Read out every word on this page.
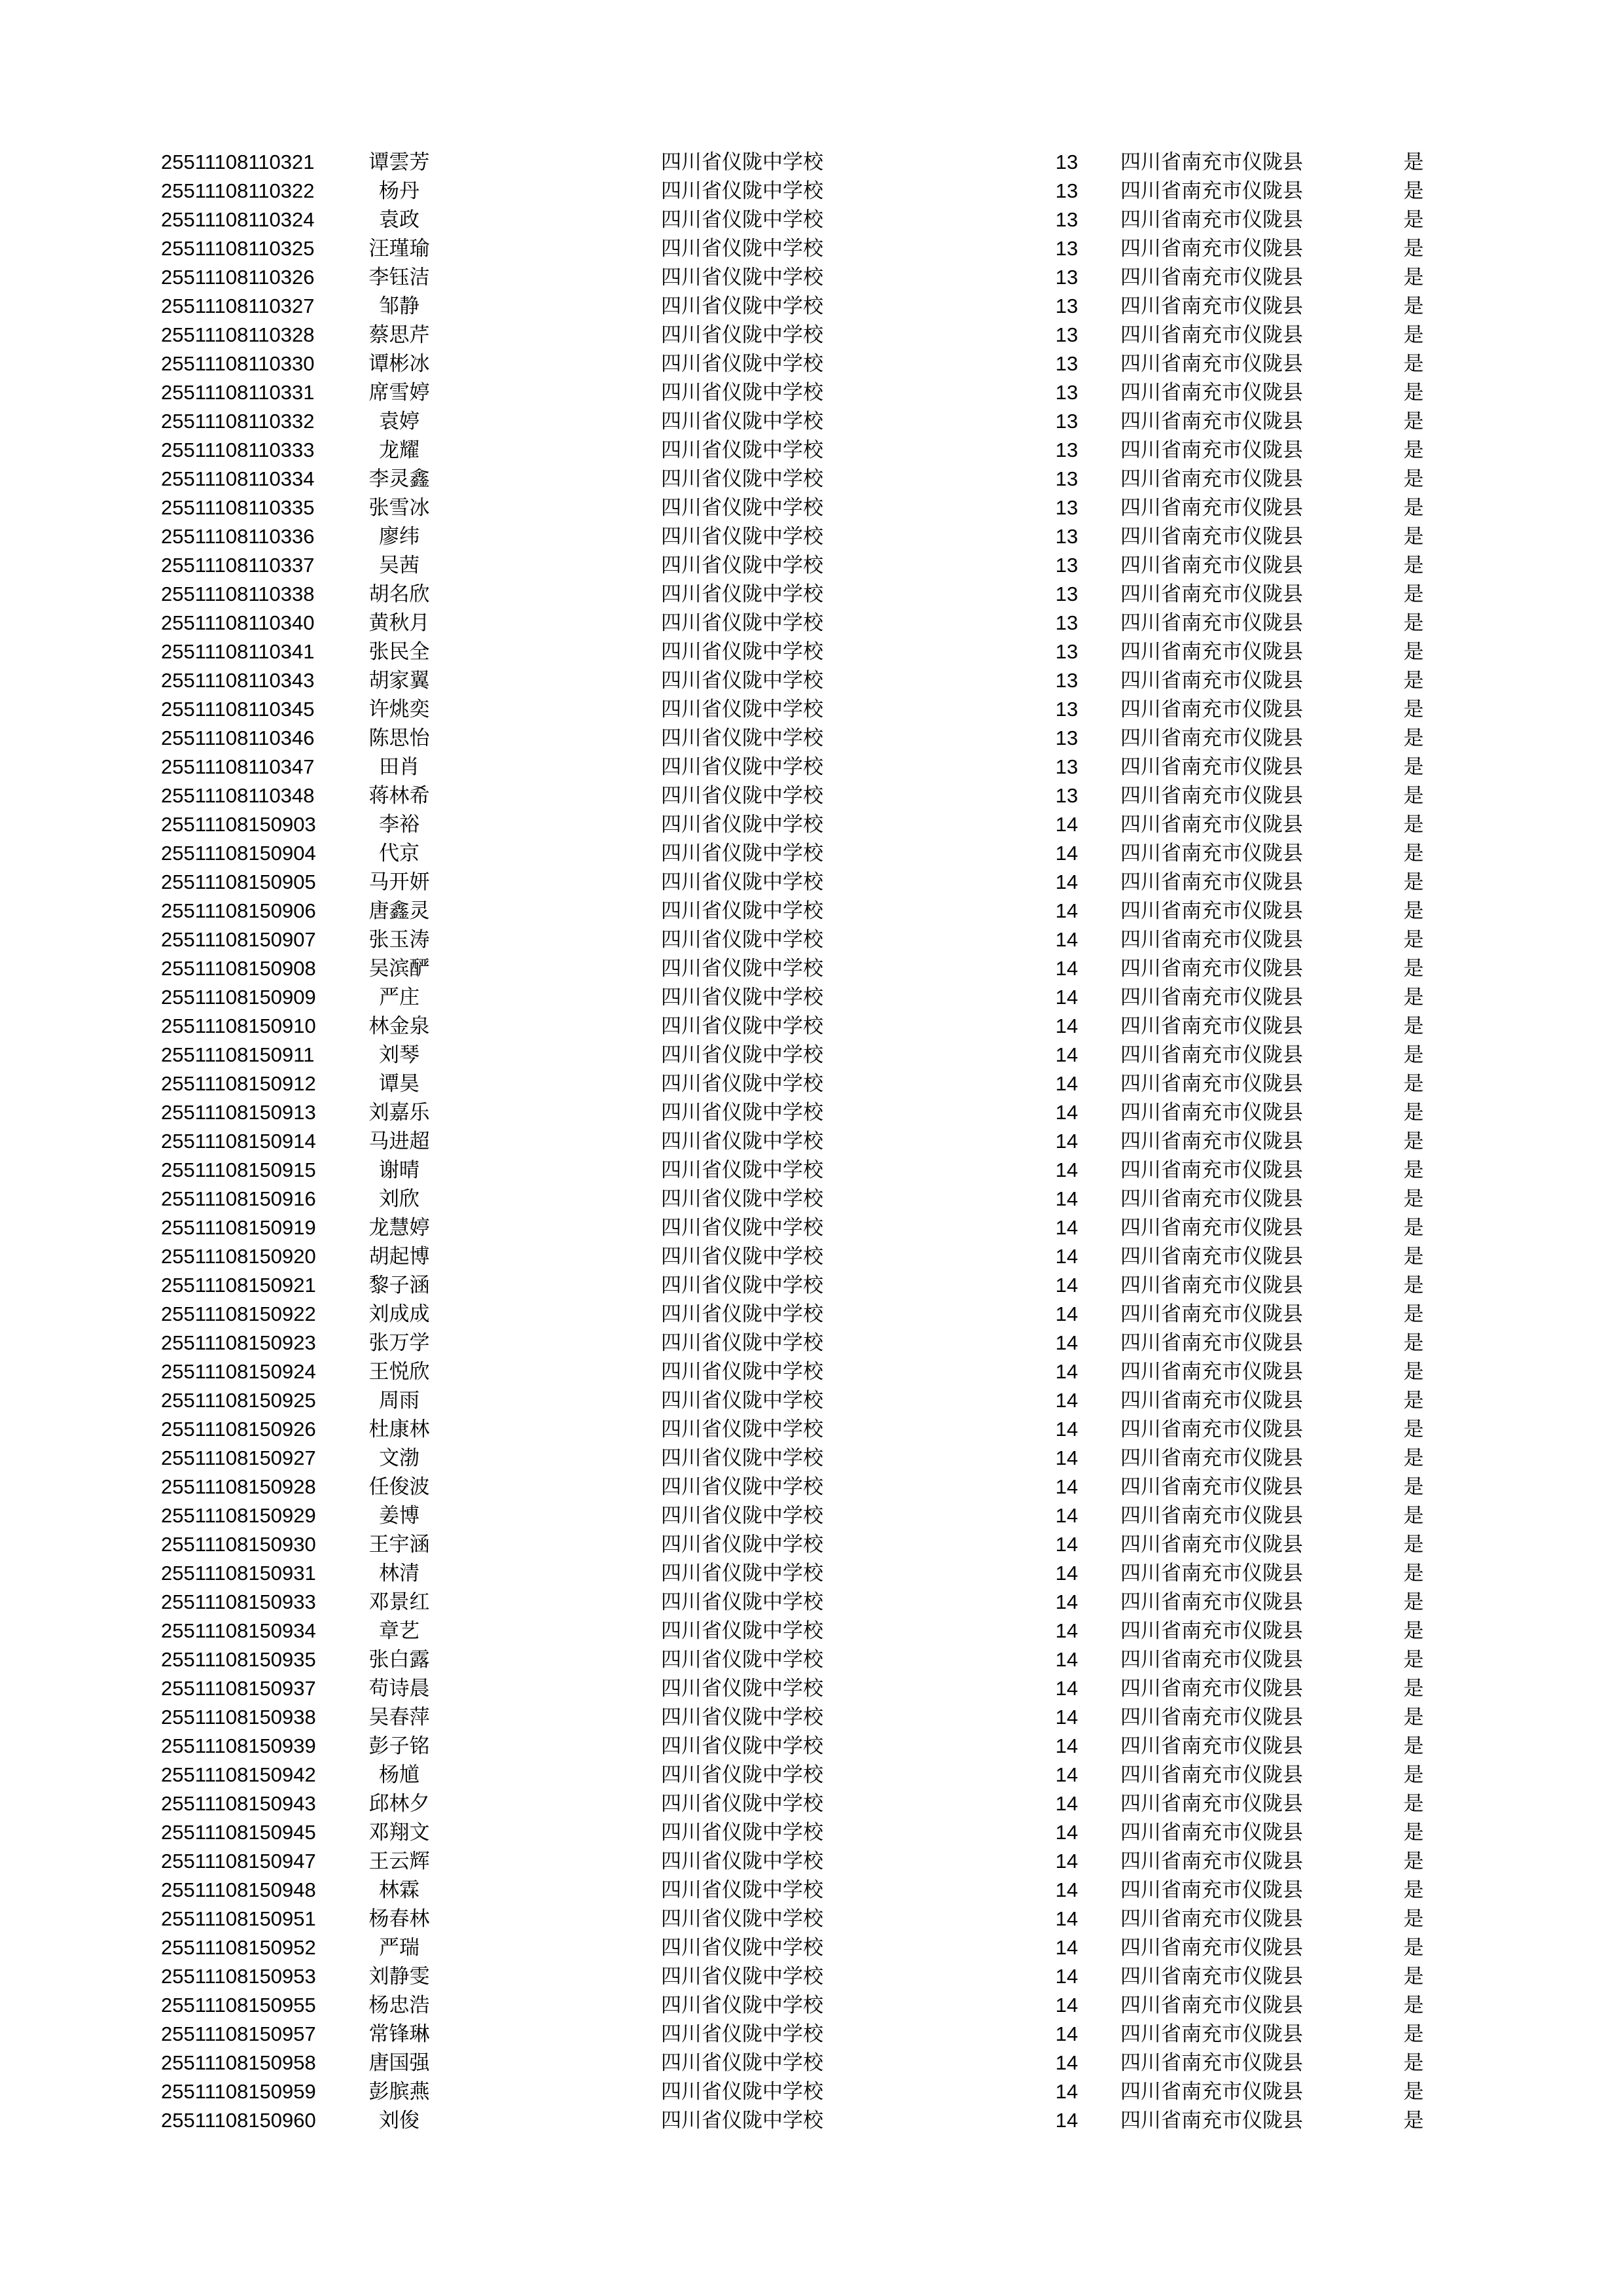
25511108110321	谭雲芳	四川省仪陇中学校	13	四川省南充市仪陇县	是
25511108110322	杨丹	四川省仪陇中学校	13	四川省南充市仪陇县	是
25511108110324	袁政	四川省仪陇中学校	13	四川省南充市仪陇县	是
25511108110325	汪瑾瑜	四川省仪陇中学校	13	四川省南充市仪陇县	是
25511108110326	李钰洁	四川省仪陇中学校	13	四川省南充市仪陇县	是
25511108110327	邹静	四川省仪陇中学校	13	四川省南充市仪陇县	是
25511108110328	蔡思芹	四川省仪陇中学校	13	四川省南充市仪陇县	是
25511108110330	谭彬冰	四川省仪陇中学校	13	四川省南充市仪陇县	是
25511108110331	席雪婷	四川省仪陇中学校	13	四川省南充市仪陇县	是
25511108110332	袁婷	四川省仪陇中学校	13	四川省南充市仪陇县	是
25511108110333	龙耀	四川省仪陇中学校	13	四川省南充市仪陇县	是
25511108110334	李灵鑫	四川省仪陇中学校	13	四川省南充市仪陇县	是
25511108110335	张雪冰	四川省仪陇中学校	13	四川省南充市仪陇县	是
25511108110336	廖纬	四川省仪陇中学校	13	四川省南充市仪陇县	是
25511108110337	吴茜	四川省仪陇中学校	13	四川省南充市仪陇县	是
25511108110338	胡名欣	四川省仪陇中学校	13	四川省南充市仪陇县	是
25511108110340	黄秋月	四川省仪陇中学校	13	四川省南充市仪陇县	是
25511108110341	张民全	四川省仪陇中学校	13	四川省南充市仪陇县	是
25511108110343	胡家翼	四川省仪陇中学校	13	四川省南充市仪陇县	是
25511108110345	许烑奕	四川省仪陇中学校	13	四川省南充市仪陇县	是
25511108110346	陈思怡	四川省仪陇中学校	13	四川省南充市仪陇县	是
25511108110347	田肖	四川省仪陇中学校	13	四川省南充市仪陇县	是
25511108110348	蒋林希	四川省仪陇中学校	13	四川省南充市仪陇县	是
25511108150903	李裕	四川省仪陇中学校	14	四川省南充市仪陇县	是
25511108150904	代京	四川省仪陇中学校	14	四川省南充市仪陇县	是
25511108150905	马开妍	四川省仪陇中学校	14	四川省南充市仪陇县	是
25511108150906	唐鑫灵	四川省仪陇中学校	14	四川省南充市仪陇县	是
25511108150907	张玉涛	四川省仪陇中学校	14	四川省南充市仪陇县	是
25511108150908	吴滨酽	四川省仪陇中学校	14	四川省南充市仪陇县	是
25511108150909	严庄	四川省仪陇中学校	14	四川省南充市仪陇县	是
25511108150910	林金泉	四川省仪陇中学校	14	四川省南充市仪陇县	是
25511108150911	刘琴	四川省仪陇中学校	14	四川省南充市仪陇县	是
25511108150912	谭昊	四川省仪陇中学校	14	四川省南充市仪陇县	是
25511108150913	刘嘉乐	四川省仪陇中学校	14	四川省南充市仪陇县	是
25511108150914	马进超	四川省仪陇中学校	14	四川省南充市仪陇县	是
25511108150915	谢晴	四川省仪陇中学校	14	四川省南充市仪陇县	是
25511108150916	刘欣	四川省仪陇中学校	14	四川省南充市仪陇县	是
25511108150919	龙慧婷	四川省仪陇中学校	14	四川省南充市仪陇县	是
25511108150920	胡起博	四川省仪陇中学校	14	四川省南充市仪陇县	是
25511108150921	黎子涵	四川省仪陇中学校	14	四川省南充市仪陇县	是
25511108150922	刘成成	四川省仪陇中学校	14	四川省南充市仪陇县	是
25511108150923	张万学	四川省仪陇中学校	14	四川省南充市仪陇县	是
25511108150924	王悦欣	四川省仪陇中学校	14	四川省南充市仪陇县	是
25511108150925	周雨	四川省仪陇中学校	14	四川省南充市仪陇县	是
25511108150926	杜康林	四川省仪陇中学校	14	四川省南充市仪陇县	是
25511108150927	文渤	四川省仪陇中学校	14	四川省南充市仪陇县	是
25511108150928	任俊波	四川省仪陇中学校	14	四川省南充市仪陇县	是
25511108150929	姜博	四川省仪陇中学校	14	四川省南充市仪陇县	是
25511108150930	王宇涵	四川省仪陇中学校	14	四川省南充市仪陇县	是
25511108150931	林清	四川省仪陇中学校	14	四川省南充市仪陇县	是
25511108150933	邓景红	四川省仪陇中学校	14	四川省南充市仪陇县	是
25511108150934	章艺	四川省仪陇中学校	14	四川省南充市仪陇县	是
25511108150935	张白露	四川省仪陇中学校	14	四川省南充市仪陇县	是
25511108150937	苟诗晨	四川省仪陇中学校	14	四川省南充市仪陇县	是
25511108150938	吴春萍	四川省仪陇中学校	14	四川省南充市仪陇县	是
25511108150939	彭子铭	四川省仪陇中学校	14	四川省南充市仪陇县	是
25511108150942	杨馗	四川省仪陇中学校	14	四川省南充市仪陇县	是
25511108150943	邱林夕	四川省仪陇中学校	14	四川省南充市仪陇县	是
25511108150945	邓翔文	四川省仪陇中学校	14	四川省南充市仪陇县	是
25511108150947	王云辉	四川省仪陇中学校	14	四川省南充市仪陇县	是
25511108150948	林霖	四川省仪陇中学校	14	四川省南充市仪陇县	是
25511108150951	杨春林	四川省仪陇中学校	14	四川省南充市仪陇县	是
25511108150952	严瑞	四川省仪陇中学校	14	四川省南充市仪陇县	是
25511108150953	刘静雯	四川省仪陇中学校	14	四川省南充市仪陇县	是
25511108150955	杨忠浩	四川省仪陇中学校	14	四川省南充市仪陇县	是
25511108150957	常锋琳	四川省仪陇中学校	14	四川省南充市仪陇县	是
25511108150958	唐国强	四川省仪陇中学校	14	四川省南充市仪陇县	是
25511108150959	彭膑燕	四川省仪陇中学校	14	四川省南充市仪陇县	是
25511108150960	刘俊	四川省仪陇中学校	14	四川省南充市仪陇县	是
